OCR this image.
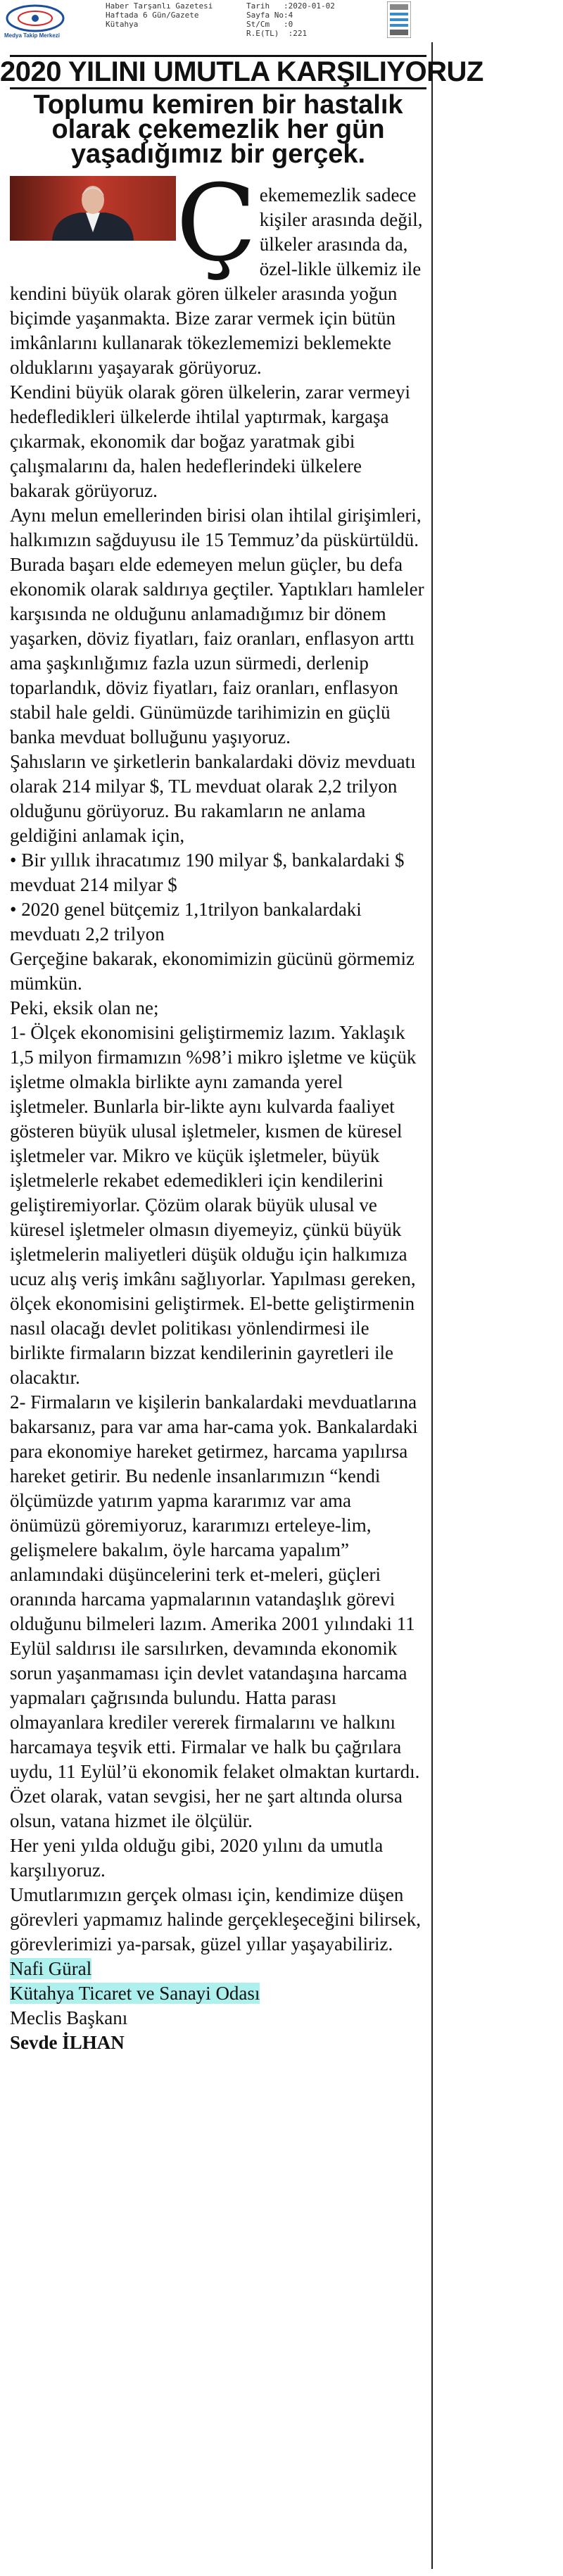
Medya Takip Merkezi
Haber Tarşanlı Gazetesi
Haftada 6 Gün/Gazete
Kütahya
Tarih   :2020-01-02
Sayfa No:4
St/Cm   :0
R.E(TL)  :221
2020 YILINI UMUTLA KARŞILIYORUZ
Toplumu kemiren bir hastalık olarak çekemezlik her gün yaşadığımız bir gerçek.

Çekememezlik sadece kişiler arasında değil, ülkeler arasında da, özel-likle ülkemiz ile kendini büyük olarak gören ülkeler arasında yoğun biçimde yaşanmakta. Bize zarar vermek için bütün imkânlarını kullanarak tökezlememizi beklemekte olduklarını yaşayarak görüyoruz.

Kendini büyük olarak gören ülkelerin, zarar vermeyi hedefledikleri ülkelerde ihtilal yaptırmak, kargaşa çıkarmak, ekonomik dar boğaz yaratmak gibi çalışmalarını da, halen hedeflerindeki ülkelere bakarak görüyoruz.

Aynı melun emellerinden birisi olan ihtilal girişimleri, halkımızın sağduyusu ile 15 Temmuz’da püskürtüldü. Burada başarı elde edemeyen melun güçler, bu defa ekonomik olarak saldırıya geçtiler. Yaptıkları hamleler karşısında ne olduğunu anlamadığımız bir dönem yaşarken, döviz fiyatları, faiz oranları, enflasyon arttı ama şaşkınlığımız fazla uzun sürmedi, derlenip toparlandık, döviz fiyatları, faiz oranları, enflasyon stabil hale geldi. Günümüzde tarihimizin en güçlü banka mevduat bolluğunu yaşıyoruz.

Şahısların ve şirketlerin bankalardaki döviz mevduatı olarak 214 milyar $, TL mevduat olarak 2,2 trilyon olduğunu görüyoruz. Bu rakamların ne anlama geldiğini anlamak için,

• Bir yıllık ihracatımız 190 milyar $, bankalardaki $ mevduat 214 milyar $

• 2020 genel bütçemiz 1,1trilyon bankalardaki mevduatı 2,2 trilyon

Gerçeğine bakarak, ekonomimizin gücünü görmemiz mümkün.

Peki, eksik olan ne;

1- Ölçek ekonomisini geliştirmemiz lazım. Yaklaşık 1,5 milyon firmamızın %98’i mikro işletme ve küçük işletme olmakla birlikte aynı zamanda yerel işletmeler. Bunlarla bir-likte aynı kulvarda faaliyet gösteren büyük ulusal işletmeler, kısmen de küresel işletmeler var. Mikro ve küçük işletmeler, büyük işletmelerle rekabet edemedikleri için kendilerini geliştiremiyorlar. Çözüm olarak büyük ulusal ve küresel işletmeler olmasın diyemeyiz, çünkü büyük işletmelerin maliyetleri düşük olduğu için halkımıza ucuz alış veriş imkânı sağlıyorlar. Yapılması gereken, ölçek ekonomisini geliştirmek. El-bette geliştirmenin nasıl olacağı devlet politikası yönlendirmesi ile birlikte firmaların bizzat kendilerinin gayretleri ile olacaktır.

2- Firmaların ve kişilerin bankalardaki mevduatlarına bakarsanız, para var ama har-cama yok. Bankalardaki para ekonomiye hareket getirmez, harcama yapılırsa hareket getirir. Bu nedenle insanlarımızın “kendi ölçümüzde yatırım yapma kararımız var ama önümüzü göremiyoruz, kararımızı erteleye-lim, gelişmelere bakalım, öyle harcama yapalım” anlamındaki düşüncelerini terk et-meleri, güçleri oranında harcama yapmalarının vatandaşlık görevi olduğunu bilmeleri lazım. Amerika 2001 yılındaki 11 Eylül saldırısı ile sarsılırken, devamında ekonomik sorun yaşanmaması için devlet vatandaşına harcama yapmaları çağrısında bulundu. Hatta parası olmayanlara krediler vererek firmalarını ve halkını harcamaya teşvik etti. Firmalar ve halk bu çağrılara uydu, 11 Eylül’ü ekonomik felaket olmaktan kurtardı. Özet olarak, vatan sevgisi, her ne şart altında olursa olsun, vatana hizmet ile ölçülür.

Her yeni yılda olduğu gibi, 2020 yılını da umutla karşılıyoruz.

Umutlarımızın gerçek olması için, kendimize düşen görevleri yapmamız halinde gerçekleşeceğini bilirsek, görevlerimizi ya-parsak, güzel yıllar yaşayabiliriz.

Nafi Güral

Kütahya Ticaret ve Sanayi Odası

Meclis Başkanı

Sevde İLHAN
